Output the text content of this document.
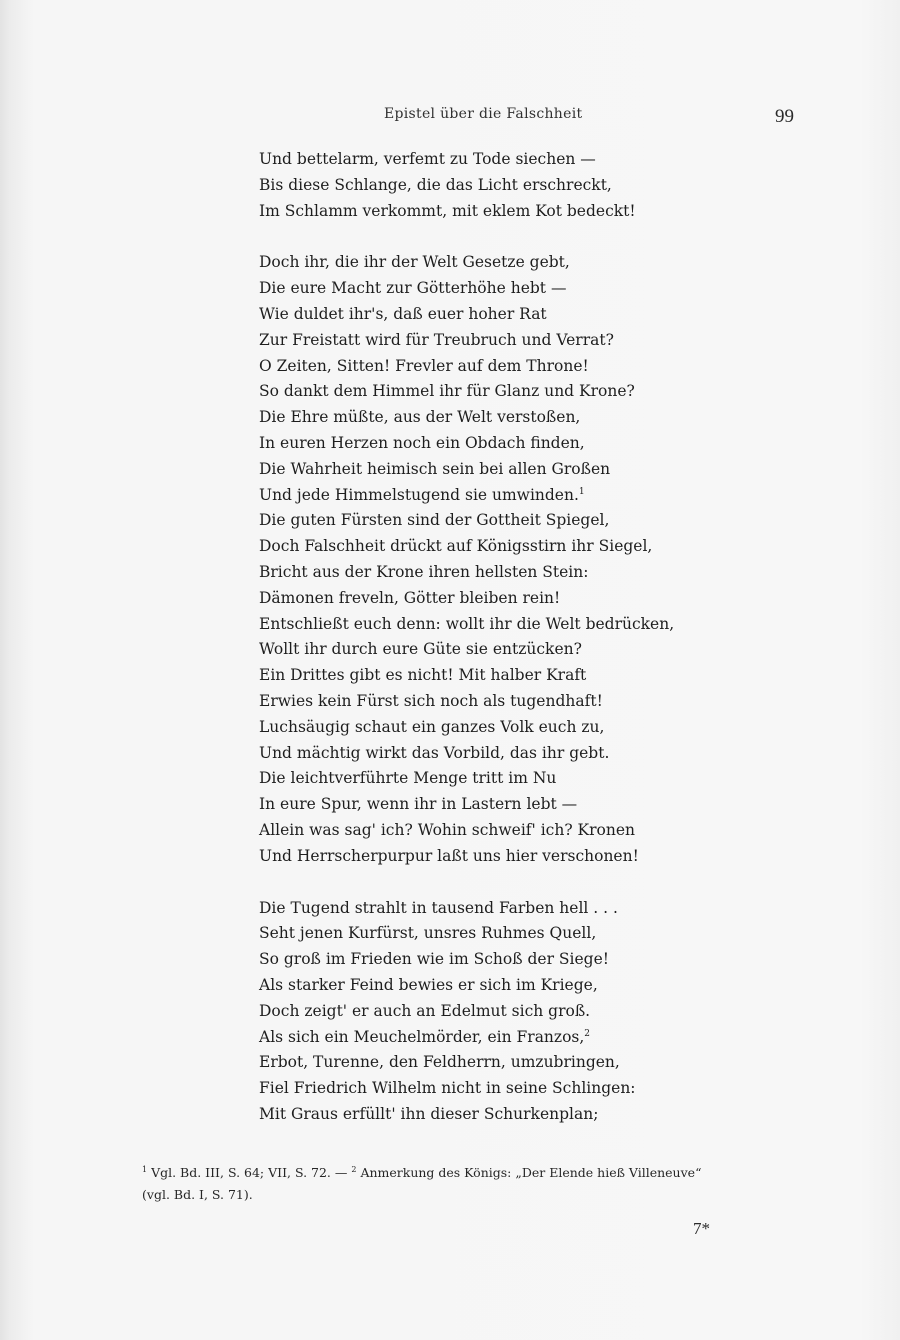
Epistel über die Falschheit	99
Und bettelarm, verfemt zu Tode siechen —
Bis diese Schlange, die das Licht erschreckt,
Im Schlamm verkommt, mit eklem Kot bedeckt!
Doch ihr, die ihr der Welt Gesetze gebt,
Die eure Macht zur Götterhöhe hebt —
Wie duldet ihr's, daß euer hoher Rat
Zur Freistatt wird für Treubruch und Verrat?
O Zeiten, Sitten! Frevler auf dem Throne!
So dankt dem Himmel ihr für Glanz und Krone?
Die Ehre müßte, aus der Welt verstoßen,
In euren Herzen noch ein Obdach finden,
Die Wahrheit heimisch sein bei allen Großen
Und jede Himmelstugend sie umwinden.$^1$
Die guten Fürsten sind der Gottheit Spiegel,
Doch Falschheit drückt auf Königsstirn ihr Siegel,
Bricht aus der Krone ihren hellsten Stein:
Dämonen freveln, Götter bleiben rein!
Entschließt euch denn: wollt ihr die Welt bedrücken,
Wollt ihr durch eure Güte sie entzücken?
Ein Drittes gibt es nicht! Mit halber Kraft
Erwies kein Fürst sich noch als tugendhaft!
Luchsäugig schaut ein ganzes Volk euch zu,
Und mächtig wirkt das Vorbild, das ihr gebt.
Die leichtverführte Menge tritt im Nu
In eure Spur, wenn ihr in Lastern lebt —
Allein was sag' ich? Wohin schweif' ich? Kronen
Und Herrscherpurpur laßt uns hier verschonen!
Die Tugend strahlt in tausend Farben hell . . .
Seht jenen Kurfürst, unsres Ruhmes Quell,
So groß im Frieden wie im Schoß der Siege!
Als starker Feind bewies er sich im Kriege,
Doch zeigt' er auch an Edelmut sich groß.
Als sich ein Meuchelmörder, ein Franzos,$^2$
Erbot, Turenne, den Feldherrn, umzubringen,
Fiel Friedrich Wilhelm nicht in seine Schlingen:
Mit Graus erfüllt' ihn dieser Schurkenplan;
$^1$ Vgl. Bd. III, S. 64; VII, S. 72. — $^2$ Anmerkung des Königs: „Der Elende hieß Villeneuve“
(vgl. Bd. I, S. 71).
7*
